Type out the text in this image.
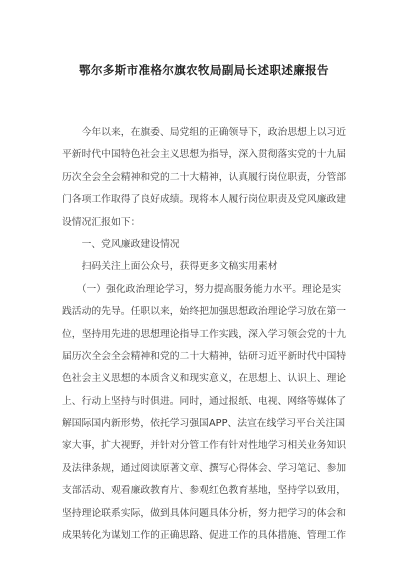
鄂尔多斯市准格尔旗农牧局副局长述职述廉报告
　　今年以来，在旗委、局党组的正确领导下，政治思想上以习近
平新时代中国特色社会主义思想为指导，深入贯彻落实党的十九届
历次全会全会精神和党的二十大精神，认真履行岗位职责，分管部
门各项工作取得了良好成绩。现将本人履行岗位职责及党风廉政建
设情况汇报如下：
　　一、党风廉政建设情况
　　扫码关注上面公众号，获得更多文稿实用素材
　　（一）强化政治理论学习，努力提高服务能力水平。理论是实
践活动的先导。任职以来，始终把加强思想政治理论学习放在第一
位，坚持用先进的思想理论指导工作实践，深入学习领会党的十九
届历次全会全会精神和党的二十大精神，钻研习近平新时代中国特
色社会主义思想的本质含义和现实意义，在思想上、认识上、理论
上、行动上坚持与时俱进。同时，通过报纸、电视、网络等媒体了
解国际国内新形势，依托学习强国APP、法宣在线学习平台关注国
家大事，扩大视野，并针对分管工作有针对性地学习相关业务知识
及法律条规，通过阅读原著文章、撰写心得体会、学习笔记、参加
支部活动、观看廉政教育片、参观红色教育基地，坚持学以致用，
坚持理论联系实际，做到具体问题具体分析，努力把学习的体会和
成果转化为谋划工作的正确思路、促进工作的具体措施、管理工作
